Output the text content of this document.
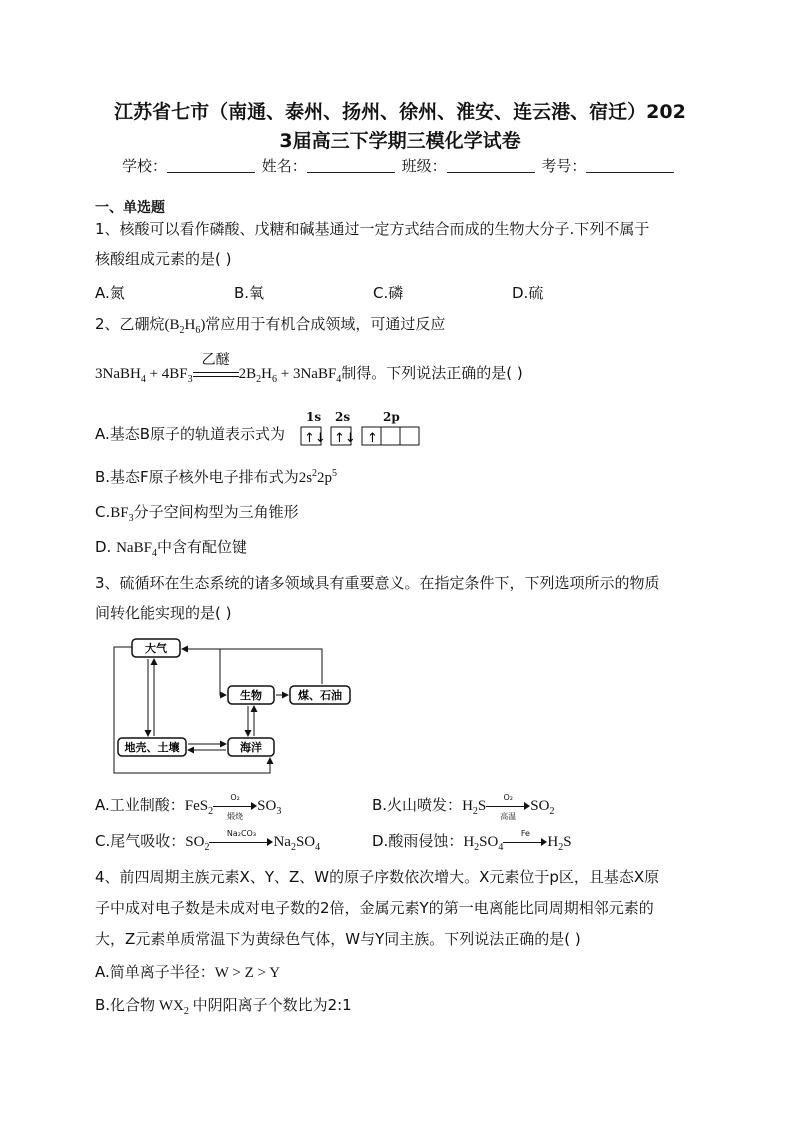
江苏省七市（南通、泰州、扬州、徐州、淮安、连云港、宿迁）202
3届高三下学期三模化学试卷
学校：	姓名：	班级：	考号：
一、单选题
1、核酸可以看作磷酸、戊糖和碱基通过一定方式结合而成的生物大分子.下列不属于
核酸组成元素的是( )
A.氮	B.氧	C.磷	D.硫
2、乙硼烷$(B_2H_6)$常应用于有机合成领域，可通过反应
3NaBH$_4$ + $4BF_3$
乙醚
$2B_2H_6$ + 3NaBF$_4$制得。下列说法正确的是( )
A.基态B原子的轨道表示式为
1s 2s	2p
↑↓ ↑↓ ↑
B.基态F原子核外电子排布式为$2s^22p^5$
$C.BF_3$分子空间构型为三角锥形
D. NaBF$_4$中含有配位键
3、硫循环在生态系统的诸多领域具有重要意义。在指定条件下，下列选项所示的物质
间转化能实现的是( )
大气
生物	煤、石油
地壳、土壤	海洋
A.工业制酸：FeS$_2$
O₂
煅烧
$SO_3$	B.火山喷发：$H_2S$
O₂
高温
$SO_2$
C.尾气吸收：$SO_2$
Na₂CO₃
$Na_2SO_4$	D.酸雨侵蚀：$H_2SO_4$
Fe
$H_2S$
4、前四周期主族元素X、Y、Z、W的原子序数依次增大。X元素位于p区，且基态X原
子中成对电子数是未成对电子数的2倍，金属元素Y的第一电离能比同周期相邻元素的
大，Z元素单质常温下为黄绿色气体，W与Y同主族。下列说法正确的是( )
A.简单离子半径：W > Z > Y
B.化合物 $WX_2$ 中阴阳离子个数比为2:1
